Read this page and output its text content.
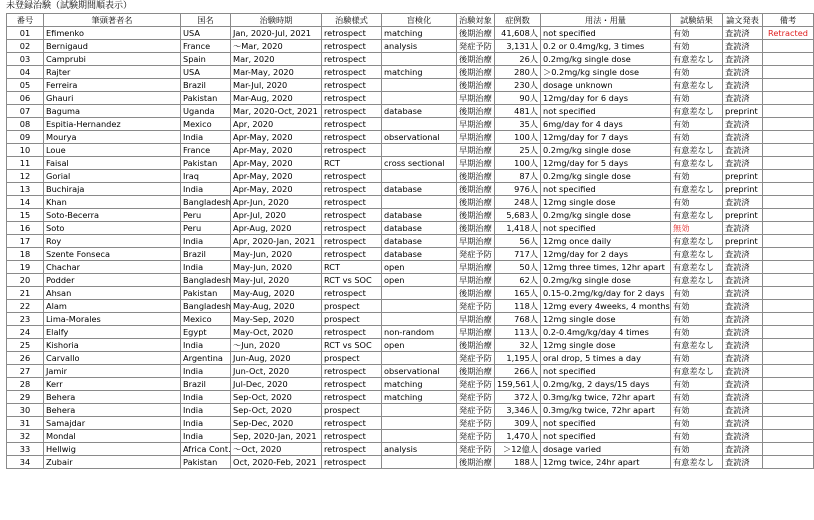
未登録治験（試験期間順表示）
番号	筆頭著者名	国名	治験時期	治験様式	盲検化	治験対象	症例数	用法・用量	試験結果	論文発表	備考
01	Efimenko	USA	Jan, 2020-Jul, 2021	retrospect	matching	後期治療	41,608人	not specified	有効	査読済	Retracted
02	Bernigaud	France	～Mar, 2020	retrospect	analysis	発症予防	3,131人	0.2 or 0.4mg/kg, 3 times	有効	査読済	
03	Camprubi	Spain	Mar, 2020	retrospect		後期治療	26人	0.2mg/kg single dose	有意差なし	査読済	
04	Rajter	USA	Mar-May, 2020	retrospect	matching	後期治療	280人	＞0.2mg/kg single dose	有効	査読済	
05	Ferreira	Brazil	Mar-Jul, 2020	retrospect		後期治療	230人	dosage unknown	有意差なし	査読済	
06	Ghauri	Pakistan	Mar-Aug, 2020	retrospect		早期治療	90人	12mg/day for 6 days	有効	査読済	
07	Baguma	Uganda	Mar, 2020-Oct, 2021	retrospect	database	後期治療	481人	not specified	有意差なし	preprint	
08	Espitia-Hernandez	Mexico	Apr, 2020	retrospect		早期治療	35人	6mg/day for 4 days	有効	査読済	
09	Mourya	India	Apr-May, 2020	retrospect	observational	早期治療	100人	12mg/day for 7 days	有効	査読済	
10	Loue	France	Apr-May, 2020	retrospect		早期治療	25人	0.2mg/kg single dose	有意差なし	査読済	
11	Faisal	Pakistan	Apr-May, 2020	RCT	cross sectional	早期治療	100人	12mg/day for 5 days	有意差なし	査読済	
12	Gorial	Iraq	Apr-May, 2020	retrospect		後期治療	87人	0.2mg/kg single dose	有効	preprint	
13	Buchiraja	India	Apr-May, 2020	retrospect	database	後期治療	976人	not specified	有意差なし	preprint	
14	Khan	Bangladesh	Apr-Jun, 2020	retrospect		後期治療	248人	12mg single dose	有効	査読済	
15	Soto-Becerra	Peru	Apr-Jul, 2020	retrospect	database	後期治療	5,683人	0.2mg/kg single dose	有意差なし	preprint	
16	Soto	Peru	Apr-Aug, 2020	retrospect	database	後期治療	1,418人	not specified	無効	査読済	
17	Roy	India	Apr, 2020-Jan, 2021	retrospect	database	早期治療	56人	12mg once daily	有意差なし	preprint	
18	Szente Fonseca	Brazil	May-Jun, 2020	retrospect	database	発症予防	717人	12mg/day for 2 days	有意差なし	査読済	
19	Chachar	India	May-Jun, 2020	RCT	open	早期治療	50人	12mg three times, 12hr apart	有意差なし	査読済	
20	Podder	Bangladesh	May-Jul, 2020	RCT vs SOC	open	早期治療	62人	0.2mg/kg single dose	有意差なし	査読済	
21	Ahsan	Pakistan	May-Aug, 2020	retrospect		後期治療	165人	0.15-0.2mg/kg/day for 2 days	有効	査読済	
22	Alam	Bangladesh	May-Aug, 2020	prospect		発症予防	118人	12mg every 4weeks, 4 months	有効	査読済	
23	Lima-Morales	Mexico	May-Sep, 2020	prospect		早期治療	768人	12mg single dose	有効	査読済	
24	Elalfy	Egypt	May-Oct, 2020	retrospect	non-random	早期治療	113人	0.2-0.4mg/kg/day 4 times	有効	査読済	
25	Kishoria	India	～Jun, 2020	RCT vs SOC	open	後期治療	32人	12mg single dose	有意差なし	査読済	
26	Carvallo	Argentina	Jun-Aug, 2020	prospect		発症予防	1,195人	oral drop, 5 times a day	有効	査読済	
27	Jamir	India	Jun-Oct, 2020	retrospect	observational	後期治療	266人	not specified	有意差なし	査読済	
28	Kerr	Brazil	Jul-Dec, 2020	retrospect	matching	発症予防	159,561人	0.2mg/kg, 2 days/15 days	有効	査読済	
29	Behera	India	Sep-Oct, 2020	retrospect	matching	発症予防	372人	0.3mg/kg twice, 72hr apart	有効	査読済	
30	Behera	India	Sep-Oct, 2020	prospect		発症予防	3,346人	0.3mg/kg twice, 72hr apart	有効	査読済	
31	Samajdar	India	Sep-Dec, 2020	retrospect		発症予防	309人	not specified	有効	査読済	
32	Mondal	India	Sep, 2020-Jan, 2021	retrospect		発症予防	1,470人	not specified	有効	査読済	
33	Hellwig	Africa Cont.	～Oct, 2020	retrospect	analysis	発症予防	＞12億人	dosage varied	有効	査読済	
34	Zubair	Pakistan	Oct, 2020-Feb, 2021	retrospect		後期治療	188人	12mg twice, 24hr apart	有意差なし	査読済	
